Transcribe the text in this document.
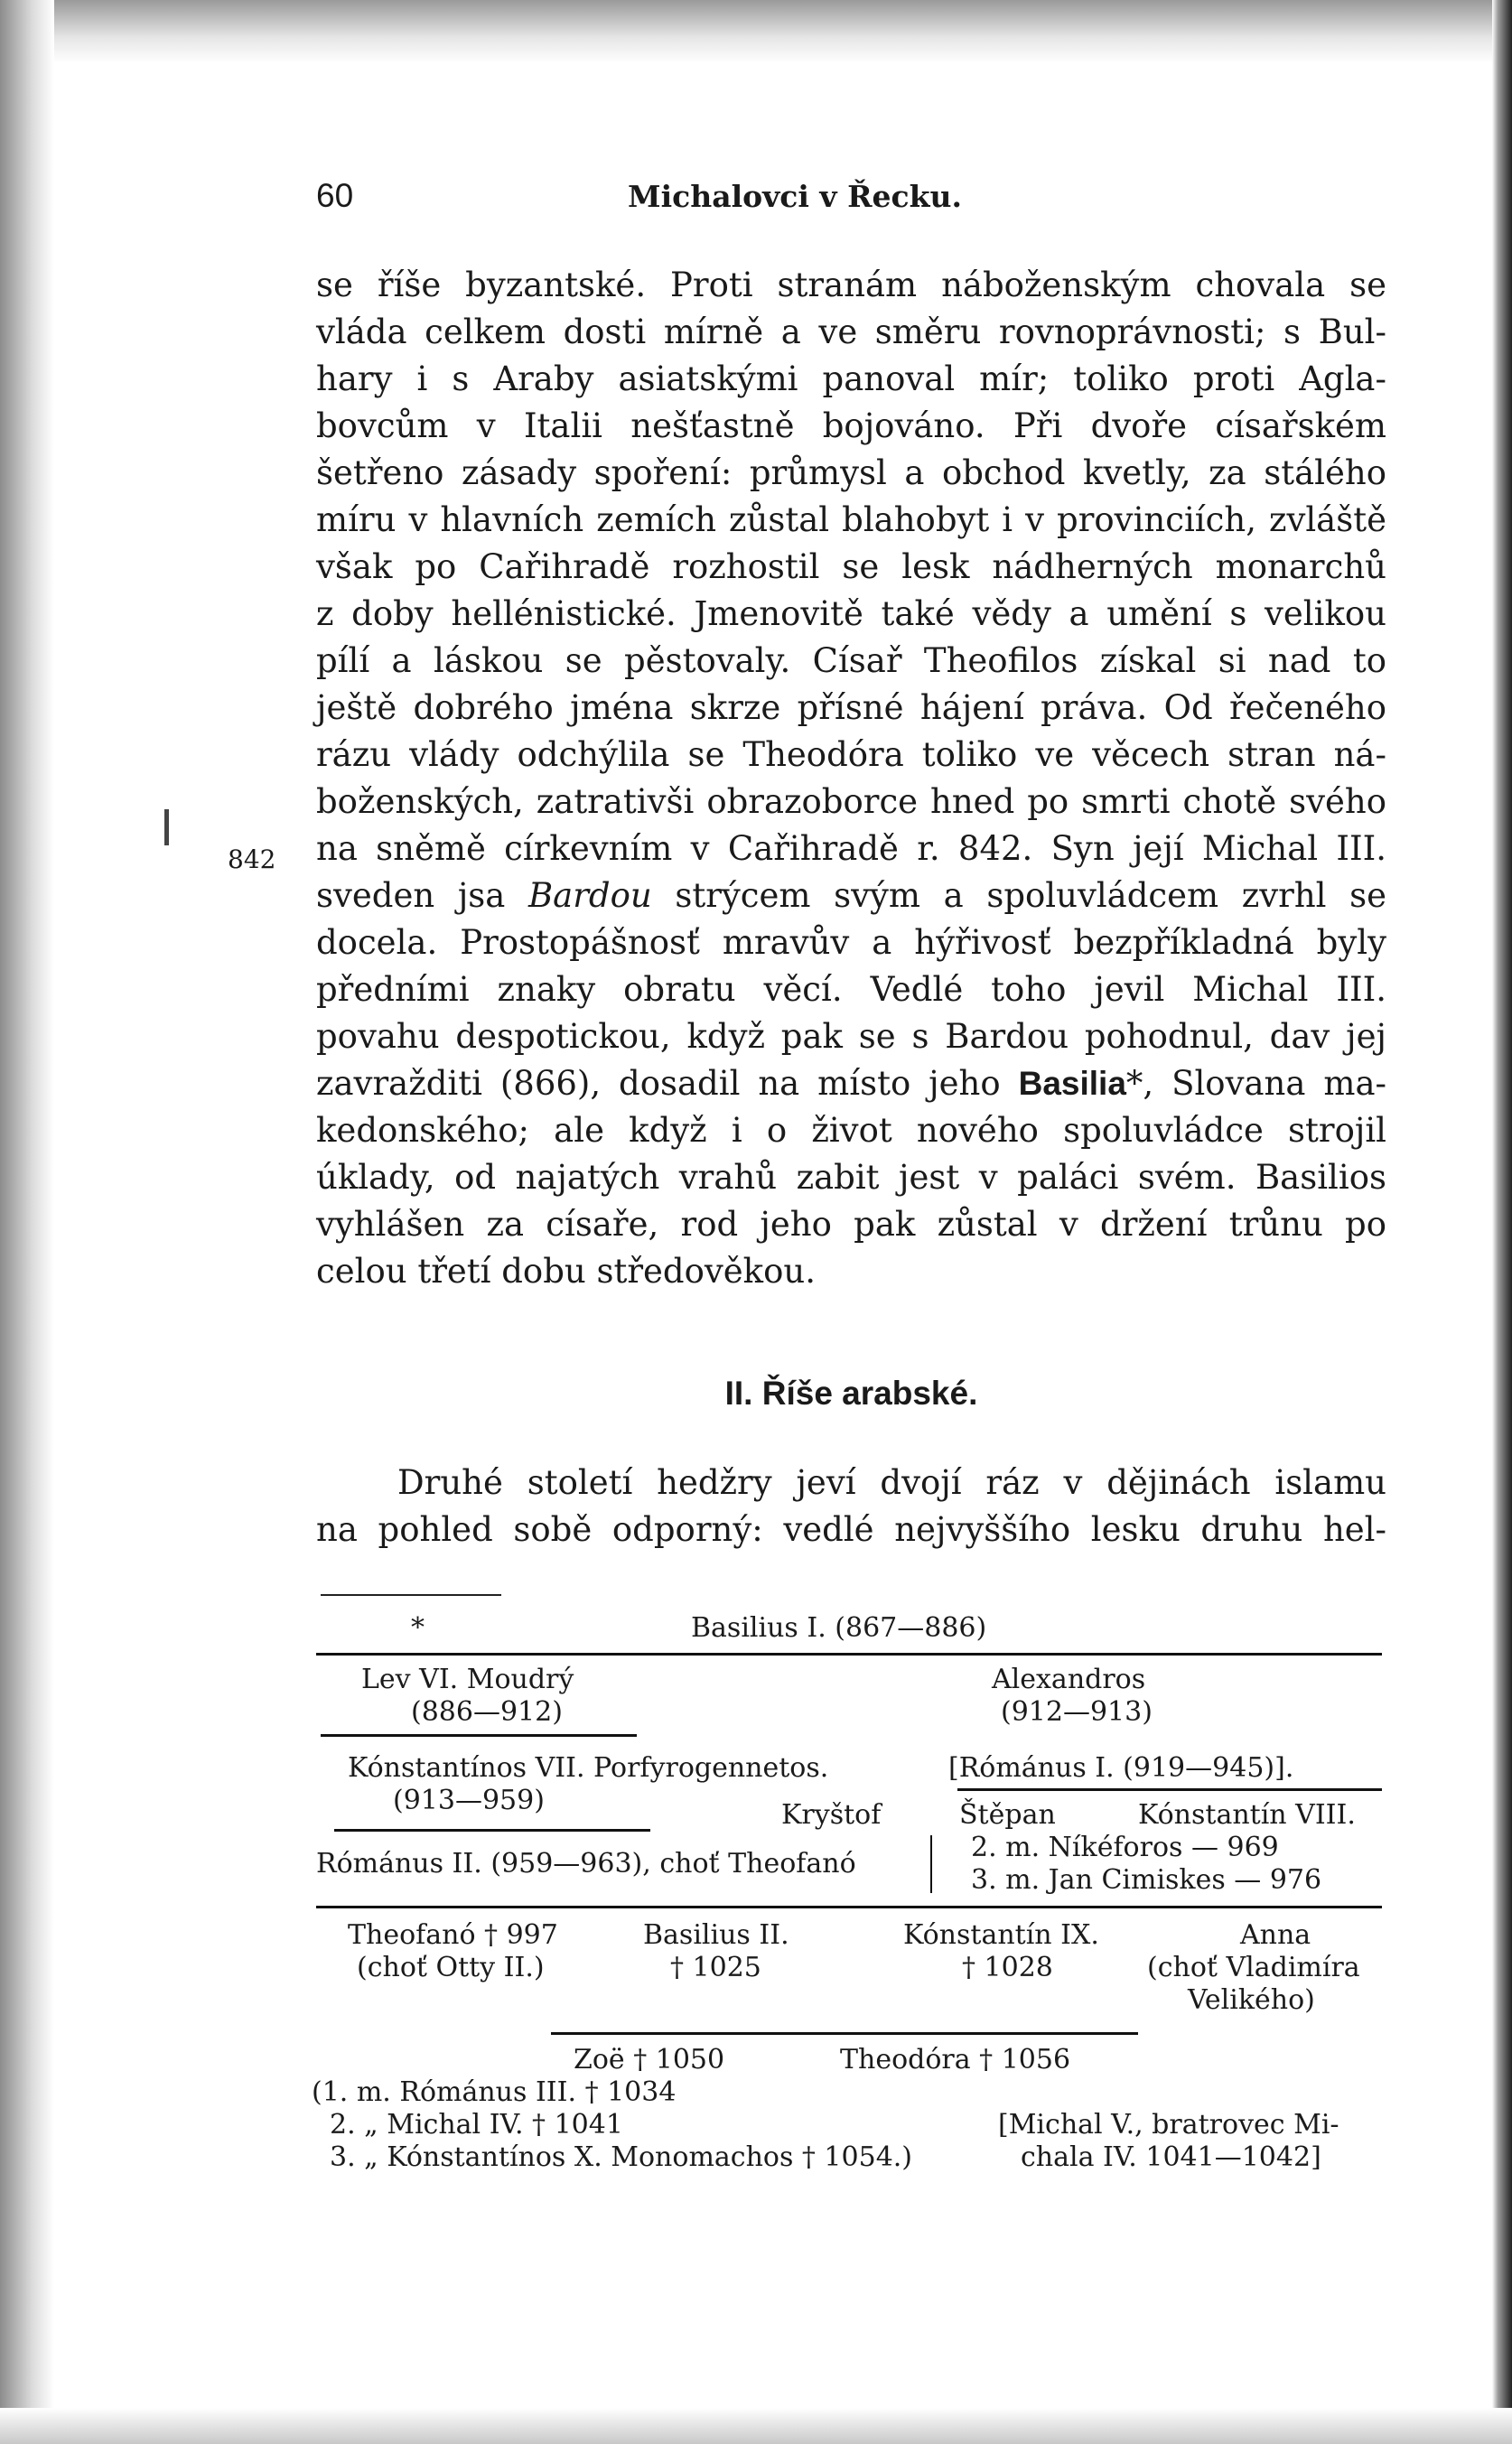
60	Michalovci v Řecku.
842
se říše byzantské. Proti stranám náboženským chovala se
vláda celkem dosti mírně a ve směru rovnoprávnosti; s Bul-
hary i s Araby asiatskými panoval mír; toliko proti Agla-
bovcům v Italii nešťastně bojováno. Při dvoře císařském
šetřeno zásady spoření: průmysl a obchod kvetly, za stálého
míru v hlavních zemích zůstal blahobyt i v provinciích, zvláště
však po Cařihradě rozhostil se lesk nádherných monarchů
z doby hellénistické. Jmenovitě také vědy a umění s velikou
pílí a láskou se pěstovaly. Císař Theofilos získal si nad to
ještě dobrého jména skrze přísné hájení práva. Od řečeného
rázu vlády odchýlila se Theodóra toliko ve věcech stran ná-
boženských, zatrativši obrazoborce hned po smrti chotě svého
na sněmě církevním v Cařihradě r. 842. Syn její Michal III.
sveden jsa Bardou strýcem svým a spoluvládcem zvrhl se
docela. Prostopášnosť mravův a hýřivosť bezpříkladná byly
předními znaky obratu věcí. Vedlé toho jevil Michal III.
povahu despotickou, když pak se s Bardou pohodnul, dav jej
zavražditi (866), dosadil na místo jeho Basilia*, Slovana ma-
kedonského; ale když i o život nového spoluvládce strojil
úklady, od najatých vrahů zabit jest v paláci svém. Basilios
vyhlášen za císaře, rod jeho pak zůstal v držení trůnu po
celou třetí dobu středověkou.
II. Říše arabské.
Druhé století hedžry jeví dvojí ráz v dějinách islamu
na pohled sobě odporný: vedlé nejvyššího lesku druhu hel-
*	Basilius I. (867—886)
Lev VI. Moudrý
(886—912)
Alexandros
(912—913)
Kónstantínos VII. Porfyrogennetos.
(913—959)
[Rómánus I. (919—945)].
Kryštof	Štěpan	Kónstantín VIII.
Rómánus II. (959—963), choť Theofanó
2. m. Níkéforos — 969
3. m. Jan Cimiskes — 976
Theofanó † 997
(choť Otty II.)
Basilius II.
† 1025
Kónstantín IX.
† 1028
Anna
(choť Vladimíra
Velikého)
Zoë † 1050	Theodóra † 1056
(1. m. Rómánus III. † 1034
2. „ Michal IV. † 1041
3. „ Kónstantínos X. Monomachos † 1054.)
[Michal V., bratrovec Mi-
chala IV. 1041—1042]
